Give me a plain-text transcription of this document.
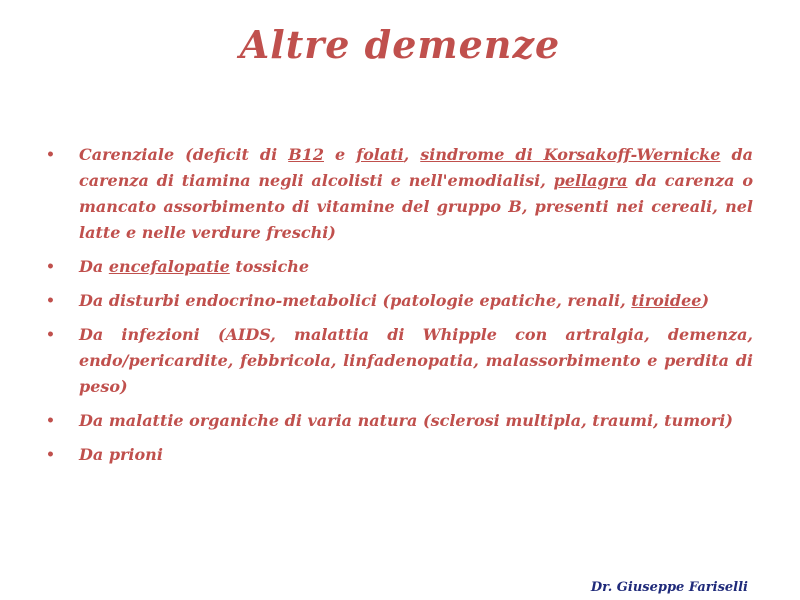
Altre demenze
• Carenziale (deficit di B12 e folati, sindrome di Korsakoff-Wernicke da carenza di tiamina negli alcolisti e nell'emodialisi, pellagra da carenza o mancato assorbimento di vitamine del gruppo B, presenti nei cereali, nel latte e nelle verdure freschi)
• Da encefalopatie tossiche
• Da disturbi endocrino-metabolici (patologie epatiche, renali, tiroidee)
• Da infezioni (AIDS, malattia di Whipple con artralgia, demenza, endo/pericardite, febbricola, linfadenopatia, malassorbimento e perdita di peso)
• Da malattie organiche di varia natura (sclerosi multipla, traumi, tumori)
• Da prioni
Dr. Giuseppe Fariselli
